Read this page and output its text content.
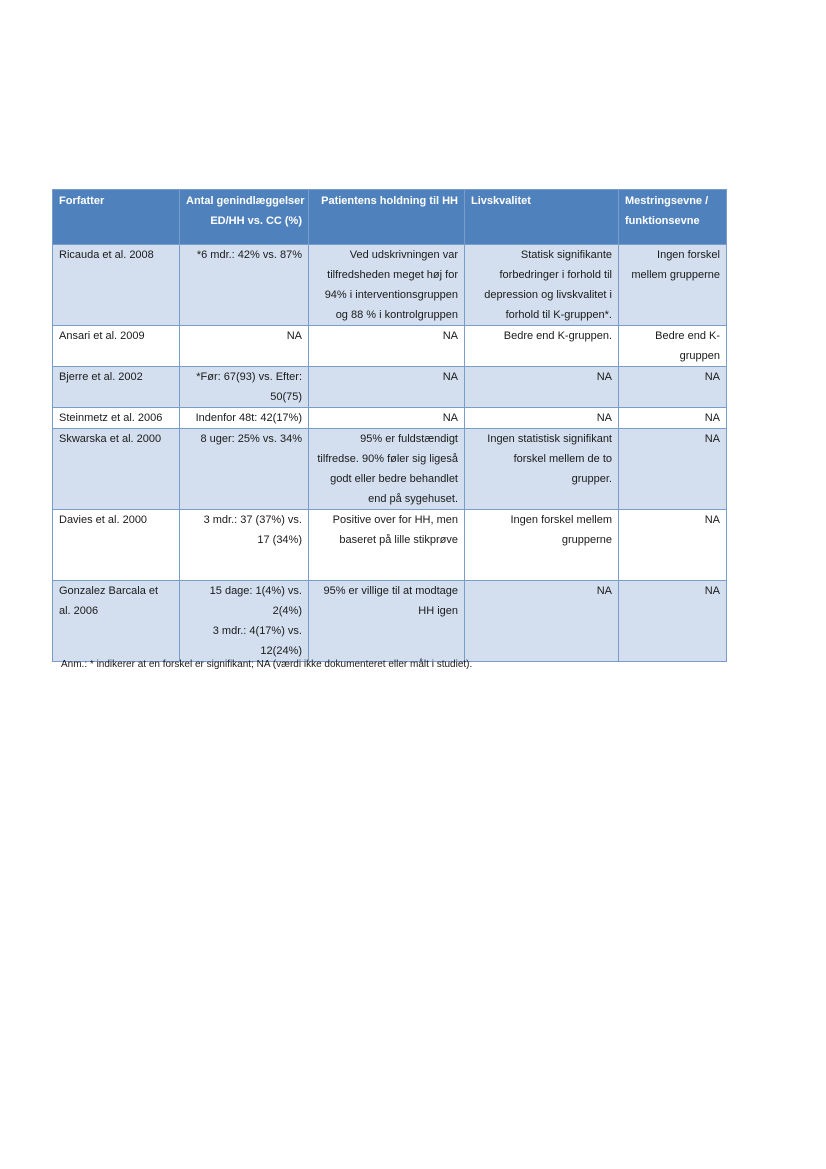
Forfatter	Antal genindlæggelser
ED/HH vs. CC (%)	Patientens holdning til HH	Livskvalitet	Mestringsevne /
funktionsevne

Ricauda et al. 2008	*6 mdr.: 42% vs. 87%	Ved udskrivningen var
tilfredsheden meget høj for
94% i interventionsgruppen
og 88 % i kontrolgruppen	Statisk signifikante
forbedringer i forhold til
depression og livskvalitet i
forhold til K-gruppen*.	Ingen forskel
mellem grupperne

Ansari et al. 2009	NA	NA	Bedre end K-gruppen.	Bedre end K-
gruppen

Bjerre et al. 2002	*Før: 67(93) vs. Efter:
50(75)	NA	NA	NA

Steinmetz et al. 2006	Indenfor 48t: 42(17%)	NA	NA	NA

Skwarska et al. 2000	8 uger: 25% vs. 34%	95% er fuldstændigt
tilfredse. 90% føler sig ligeså
godt eller bedre behandlet
end på sygehuset.	Ingen statistisk signifikant
forskel mellem de to
grupper.	NA

Davies et al. 2000	3 mdr.: 37 (37%) vs.
17 (34%)	Positive over for HH, men
baseret på lille stikprøve	Ingen forskel mellem
grupperne	NA

Gonzalez Barcala et
al. 2006	15 dage: 1(4%) vs.
2(4%)
3 mdr.: 4(17%) vs.
12(24%)	95% er villige til at modtage
HH igen	NA	NA
Anm.: * indikerer at en forskel er signifikant; NA (værdi ikke dokumenteret eller målt i studiet).
